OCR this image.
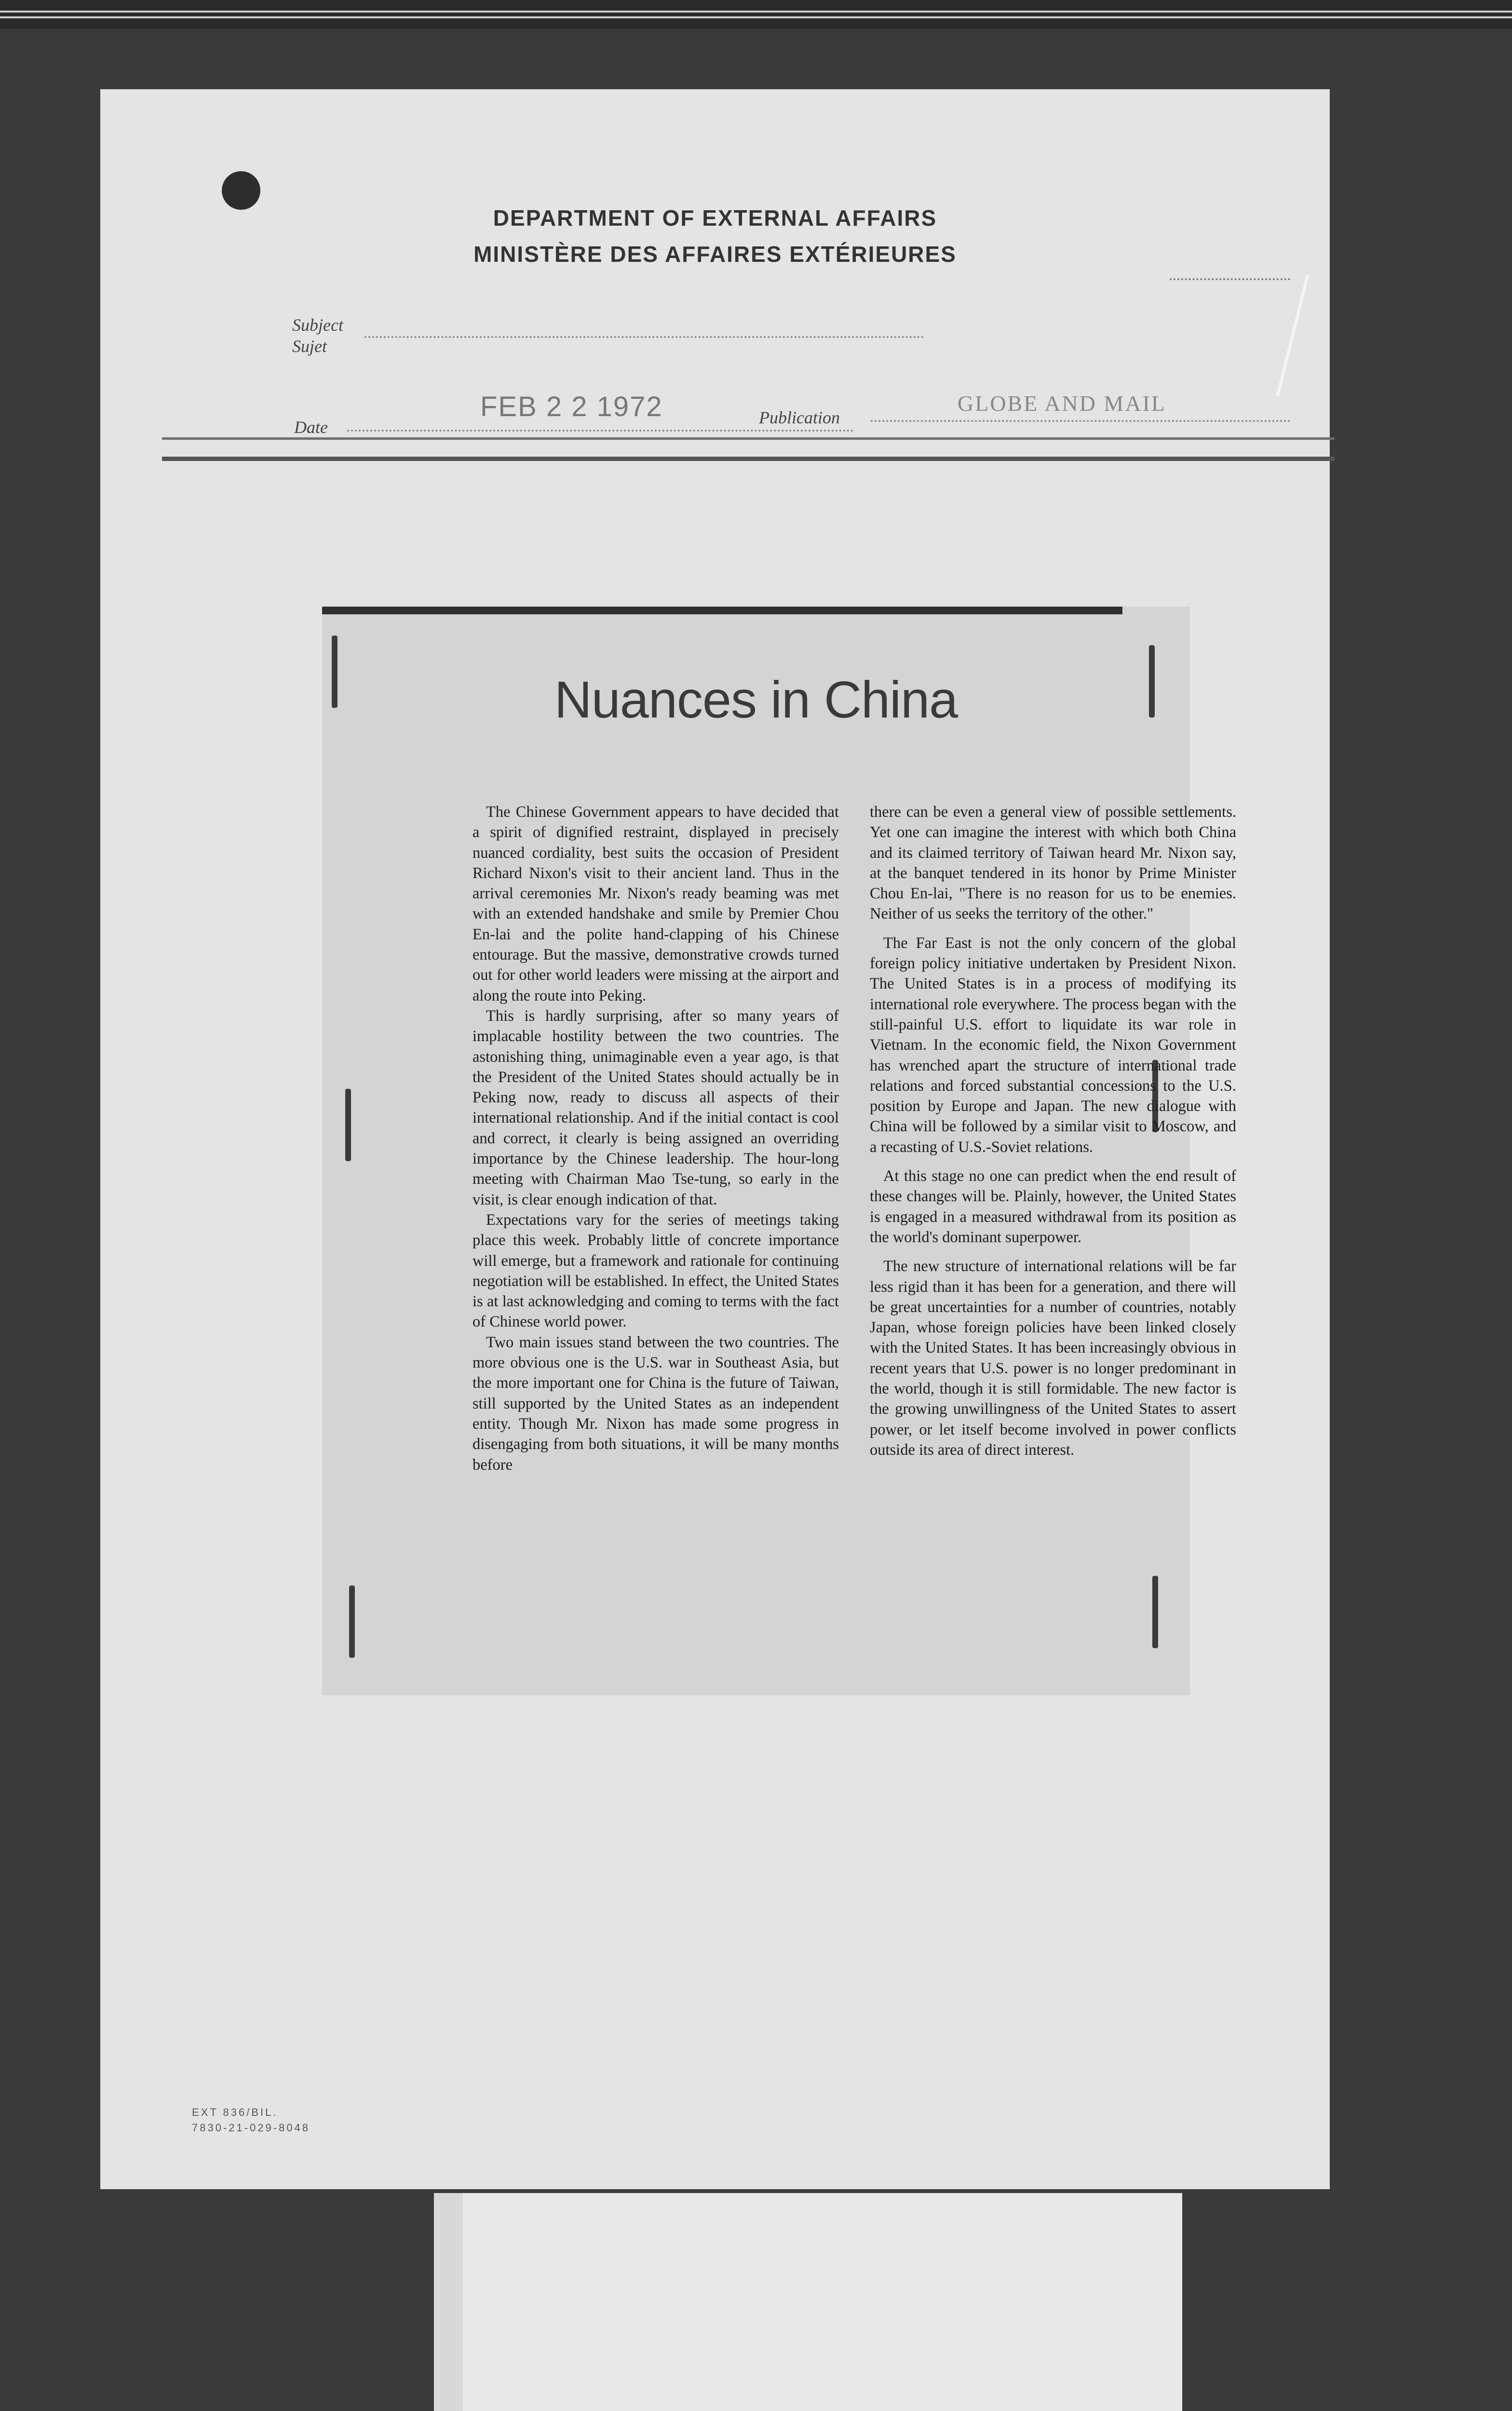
DEPARTMENT OF EXTERNAL AFFAIRS
MINISTÈRE DES AFFAIRES EXTÉRIEURES
Subject
Sujet
Date
FEB 2 2 1972	Publication
GLOBE AND MAIL
Nuances in China

The Chinese Government appears to have decided that a spirit of dignified restraint, displayed in precisely nuanced cordiality, best suits the occasion of President Richard Nixon's visit to their ancient land. Thus in the arrival ceremonies Mr. Nixon's ready beaming was met with an extended handshake and smile by Premier Chou En-lai and the polite hand-clapping of his Chinese entourage. But the massive, demonstrative crowds turned out for other world leaders were missing at the airport and along the route into Peking.

This is hardly surprising, after so many years of implacable hostility between the two countries. The astonishing thing, unimaginable even a year ago, is that the President of the United States should actually be in Peking now, ready to discuss all aspects of their international relationship. And if the initial contact is cool and correct, it clearly is being assigned an overriding importance by the Chinese leadership. The hour-long meeting with Chairman Mao Tse-tung, so early in the visit, is clear enough indication of that.

Expectations vary for the series of meetings taking place this week. Probably little of concrete importance will emerge, but a framework and rationale for continuing negotiation will be established. In effect, the United States is at last acknowledging and coming to terms with the fact of Chinese world power.

Two main issues stand between the two countries. The more obvious one is the U.S. war in Southeast Asia, but the more important one for China is the future of Taiwan, still supported by the United States as an independent entity. Though Mr. Nixon has made some progress in disengaging from both situations, it will be many months before

there can be even a general view of possible settlements. Yet one can imagine the interest with which both China and its claimed territory of Taiwan heard Mr. Nixon say, at the banquet tendered in its honor by Prime Minister Chou En-lai, "There is no reason for us to be enemies. Neither of us seeks the territory of the other."

The Far East is not the only concern of the global foreign policy initiative undertaken by President Nixon. The United States is in a process of modifying its international role everywhere. The process began with the still-painful U.S. effort to liquidate its war role in Vietnam. In the economic field, the Nixon Government has wrenched apart the structure of international trade relations and forced substantial concessions to the U.S. position by Europe and Japan. The new dialogue with China will be followed by a similar visit to Moscow, and a recasting of U.S.-Soviet relations.

At this stage no one can predict when the end result of these changes will be. Plainly, however, the United States is engaged in a measured withdrawal from its position as the world's dominant superpower.

The new structure of international relations will be far less rigid than it has been for a generation, and there will be great uncertainties for a number of countries, notably Japan, whose foreign policies have been linked closely with the United States. It has been increasingly obvious in recent years that U.S. power is no longer predominant in the world, though it is still formidable. The new factor is the growing unwillingness of the United States to assert power, or let itself become involved in power conflicts outside its area of direct interest.

EXT 836/BIL.
7830-21-029-8048
